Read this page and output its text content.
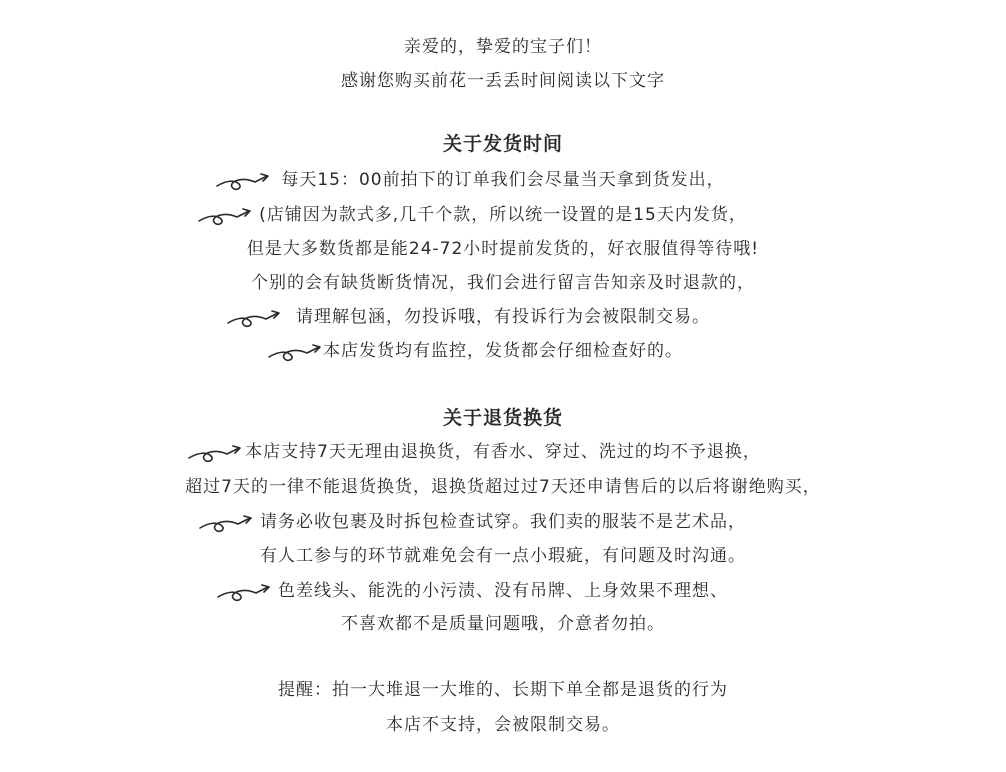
亲爱的，挚爱的宝子们！
感谢您购买前花一丢丢时间阅读以下文字
关于发货时间
每天15：00前拍下的订单我们会尽量当天拿到货发出，
(店铺因为款式多,几千个款，所以统一设置的是15天内发货，
但是大多数货都是能24-72小时提前发货的，好衣服值得等待哦!
个别的会有缺货断货情况，我们会进行留言告知亲及时退款的，
请理解包涵，勿投诉哦，有投诉行为会被限制交易。
本店发货均有监控，发货都会仔细检查好的。
关于退货换货
本店支持7天无理由退换货，有香水、穿过、洗过的均不予退换，
超过7天的一律不能退货换货，退换货超过过7天还申请售后的以后将谢绝购买，
请务必收包裹及时拆包检查试穿。我们卖的服装不是艺术品，
有人工参与的环节就难免会有一点小瑕疵，有问题及时沟通。
色差线头、能洗的小污渍、没有吊牌、上身效果不理想、
不喜欢都不是质量问题哦，介意者勿拍。
提醒：拍一大堆退一大堆的、长期下单全都是退货的行为
本店不支持，会被限制交易。
